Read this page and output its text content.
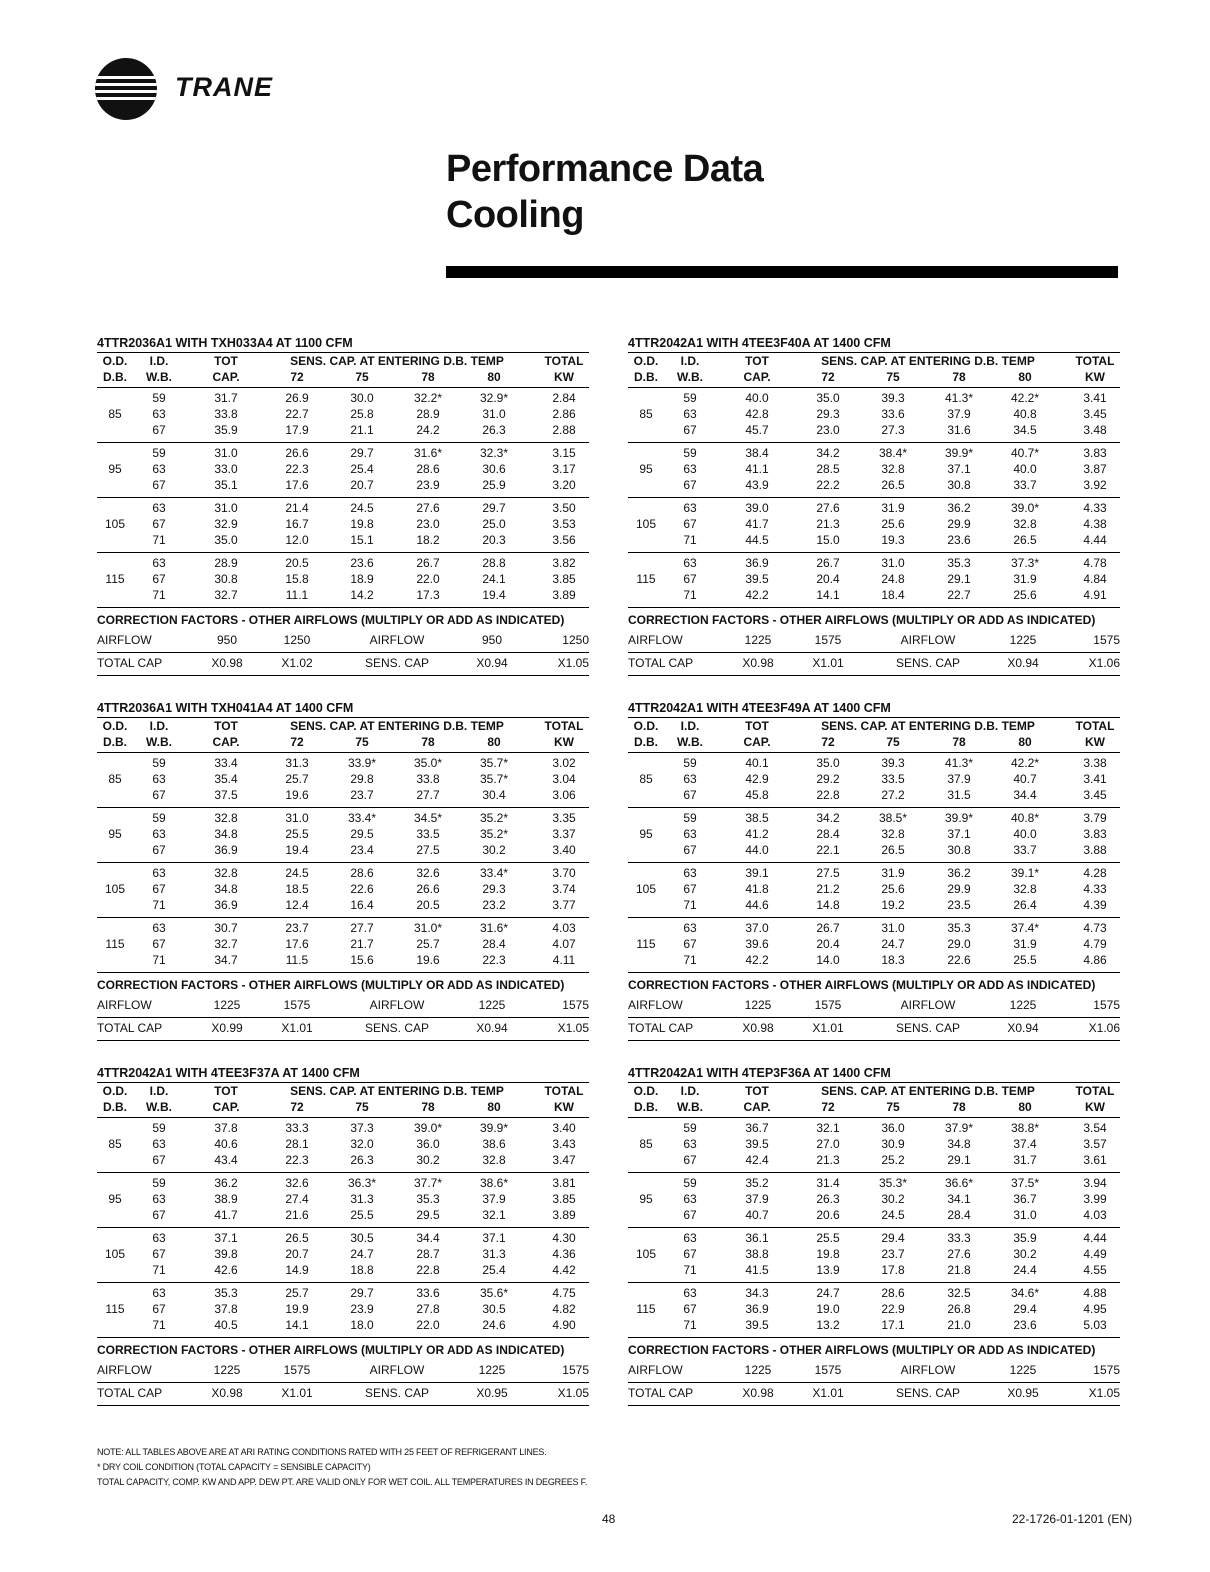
TRANE
Performance Data
Cooling
4TTR2036A1 WITH TXH033A4 AT 1100 CFM
O.D.
D.B.
I.D.
W.B.
TOT
CAP.
SENS. CAP. AT ENTERING D.B. TEMP
72	75	78	80
TOTAL
KW
85
59	31.7	26.9	30.0	32.2*	32.9*	2.84
63	33.8	22.7	25.8	28.9	31.0	2.86
67	35.9	17.9	21.1	24.2	26.3	2.88
95
59	31.0	26.6	29.7	31.6*	32.3*	3.15
63	33.0	22.3	25.4	28.6	30.6	3.17
67	35.1	17.6	20.7	23.9	25.9	3.20
105
63	31.0	21.4	24.5	27.6	29.7	3.50
67	32.9	16.7	19.8	23.0	25.0	3.53
71	35.0	12.0	15.1	18.2	20.3	3.56
115
63	28.9	20.5	23.6	26.7	28.8	3.82
67	30.8	15.8	18.9	22.0	24.1	3.85
71	32.7	11.1	14.2	17.3	19.4	3.89
CORRECTION FACTORS - OTHER AIRFLOWS (MULTIPLY OR ADD AS INDICATED)
AIRFLOW	950	1250	AIRFLOW	950	1250
TOTAL CAP	X0.98	X1.02	SENS. CAP	X0.94	X1.05
4TTR2042A1 WITH 4TEE3F40A AT 1400 CFM
O.D.
D.B.
I.D.
W.B.
TOT
CAP.
SENS. CAP. AT ENTERING D.B. TEMP
72	75	78	80
TOTAL
KW
85
59	40.0	35.0	39.3	41.3*	42.2*	3.41
63	42.8	29.3	33.6	37.9	40.8	3.45
67	45.7	23.0	27.3	31.6	34.5	3.48
95
59	38.4	34.2	38.4*	39.9*	40.7*	3.83
63	41.1	28.5	32.8	37.1	40.0	3.87
67	43.9	22.2	26.5	30.8	33.7	3.92
105
63	39.0	27.6	31.9	36.2	39.0*	4.33
67	41.7	21.3	25.6	29.9	32.8	4.38
71	44.5	15.0	19.3	23.6	26.5	4.44
115
63	36.9	26.7	31.0	35.3	37.3*	4.78
67	39.5	20.4	24.8	29.1	31.9	4.84
71	42.2	14.1	18.4	22.7	25.6	4.91
CORRECTION FACTORS - OTHER AIRFLOWS (MULTIPLY OR ADD AS INDICATED)
AIRFLOW	1225	1575	AIRFLOW	1225	1575
TOTAL CAP	X0.98	X1.01	SENS. CAP	X0.94	X1.06
4TTR2036A1 WITH TXH041A4 AT 1400 CFM
O.D.
D.B.
I.D.
W.B.
TOT
CAP.
SENS. CAP. AT ENTERING D.B. TEMP
72	75	78	80
TOTAL
KW
85
59	33.4	31.3	33.9*	35.0*	35.7*	3.02
63	35.4	25.7	29.8	33.8	35.7*	3.04
67	37.5	19.6	23.7	27.7	30.4	3.06
95
59	32.8	31.0	33.4*	34.5*	35.2*	3.35
63	34.8	25.5	29.5	33.5	35.2*	3.37
67	36.9	19.4	23.4	27.5	30.2	3.40
105
63	32.8	24.5	28.6	32.6	33.4*	3.70
67	34.8	18.5	22.6	26.6	29.3	3.74
71	36.9	12.4	16.4	20.5	23.2	3.77
115
63	30.7	23.7	27.7	31.0*	31.6*	4.03
67	32.7	17.6	21.7	25.7	28.4	4.07
71	34.7	11.5	15.6	19.6	22.3	4.11
CORRECTION FACTORS - OTHER AIRFLOWS (MULTIPLY OR ADD AS INDICATED)
AIRFLOW	1225	1575	AIRFLOW	1225	1575
TOTAL CAP	X0.99	X1.01	SENS. CAP	X0.94	X1.05
4TTR2042A1 WITH 4TEE3F49A AT 1400 CFM
O.D.
D.B.
I.D.
W.B.
TOT
CAP.
SENS. CAP. AT ENTERING D.B. TEMP
72	75	78	80
TOTAL
KW
85
59	40.1	35.0	39.3	41.3*	42.2*	3.38
63	42.9	29.2	33.5	37.9	40.7	3.41
67	45.8	22.8	27.2	31.5	34.4	3.45
95
59	38.5	34.2	38.5*	39.9*	40.8*	3.79
63	41.2	28.4	32.8	37.1	40.0	3.83
67	44.0	22.1	26.5	30.8	33.7	3.88
105
63	39.1	27.5	31.9	36.2	39.1*	4.28
67	41.8	21.2	25.6	29.9	32.8	4.33
71	44.6	14.8	19.2	23.5	26.4	4.39
115
63	37.0	26.7	31.0	35.3	37.4*	4.73
67	39.6	20.4	24.7	29.0	31.9	4.79
71	42.2	14.0	18.3	22.6	25.5	4.86
CORRECTION FACTORS - OTHER AIRFLOWS (MULTIPLY OR ADD AS INDICATED)
AIRFLOW	1225	1575	AIRFLOW	1225	1575
TOTAL CAP	X0.98	X1.01	SENS. CAP	X0.94	X1.06
4TTR2042A1 WITH 4TEE3F37A AT 1400 CFM
O.D.
D.B.
I.D.
W.B.
TOT
CAP.
SENS. CAP. AT ENTERING D.B. TEMP
72	75	78	80
TOTAL
KW
85
59	37.8	33.3	37.3	39.0*	39.9*	3.40
63	40.6	28.1	32.0	36.0	38.6	3.43
67	43.4	22.3	26.3	30.2	32.8	3.47
95
59	36.2	32.6	36.3*	37.7*	38.6*	3.81
63	38.9	27.4	31.3	35.3	37.9	3.85
67	41.7	21.6	25.5	29.5	32.1	3.89
105
63	37.1	26.5	30.5	34.4	37.1	4.30
67	39.8	20.7	24.7	28.7	31.3	4.36
71	42.6	14.9	18.8	22.8	25.4	4.42
115
63	35.3	25.7	29.7	33.6	35.6*	4.75
67	37.8	19.9	23.9	27.8	30.5	4.82
71	40.5	14.1	18.0	22.0	24.6	4.90
CORRECTION FACTORS - OTHER AIRFLOWS (MULTIPLY OR ADD AS INDICATED)
AIRFLOW	1225	1575	AIRFLOW	1225	1575
TOTAL CAP	X0.98	X1.01	SENS. CAP	X0.95	X1.05
4TTR2042A1 WITH 4TEP3F36A AT 1400 CFM
O.D.
D.B.
I.D.
W.B.
TOT
CAP.
SENS. CAP. AT ENTERING D.B. TEMP
72	75	78	80
TOTAL
KW
85
59	36.7	32.1	36.0	37.9*	38.8*	3.54
63	39.5	27.0	30.9	34.8	37.4	3.57
67	42.4	21.3	25.2	29.1	31.7	3.61
95
59	35.2	31.4	35.3*	36.6*	37.5*	3.94
63	37.9	26.3	30.2	34.1	36.7	3.99
67	40.7	20.6	24.5	28.4	31.0	4.03
105
63	36.1	25.5	29.4	33.3	35.9	4.44
67	38.8	19.8	23.7	27.6	30.2	4.49
71	41.5	13.9	17.8	21.8	24.4	4.55
115
63	34.3	24.7	28.6	32.5	34.6*	4.88
67	36.9	19.0	22.9	26.8	29.4	4.95
71	39.5	13.2	17.1	21.0	23.6	5.03
CORRECTION FACTORS - OTHER AIRFLOWS (MULTIPLY OR ADD AS INDICATED)
AIRFLOW	1225	1575	AIRFLOW	1225	1575
TOTAL CAP	X0.98	X1.01	SENS. CAP	X0.95	X1.05
NOTE: ALL TABLES ABOVE ARE AT ARI RATING CONDITIONS RATED WITH 25 FEET OF REFRIGERANT LINES.
* DRY COIL CONDITION (TOTAL CAPACITY = SENSIBLE CAPACITY)
TOTAL CAPACITY, COMP. KW AND APP. DEW PT. ARE VALID ONLY FOR WET COIL. ALL TEMPERATURES IN DEGREES F.
48	22-1726-01-1201 (EN)
